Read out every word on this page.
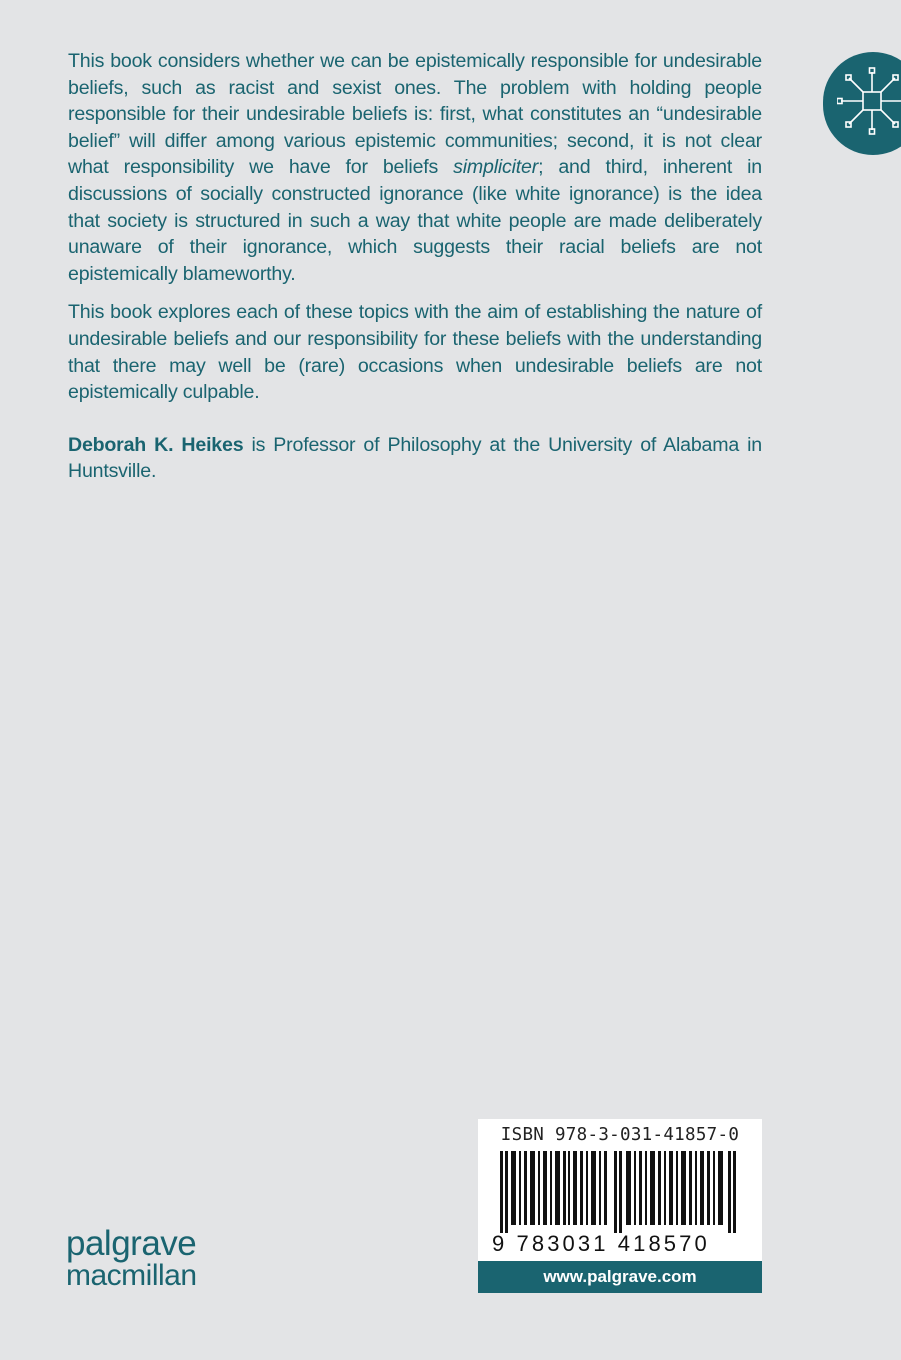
This book considers whether we can be epistemically responsible for undesirable beliefs, such as racist and sexist ones. The problem with holding people responsible for their undesirable beliefs is: first, what constitutes an “undesirable belief” will differ among various epistemic communities; second, it is not clear what responsibility we have for beliefs simpliciter; and third, inherent in discussions of socially constructed ignorance (like white ignorance) is the idea that society is structured in such a way that white people are made deliberately unaware of their ignorance, which suggests their racial beliefs are not epistemically blameworthy.

This book explores each of these topics with the aim of establishing the nature of undesirable beliefs and our responsibility for these beliefs with the understanding that there may well be (rare) occasions when undesirable beliefs are not epistemically culpable.

Deborah K. Heikes is Professor of Philosophy at the University of Alabama in Huntsville.

palgrave
macmillan
ISBN 978-3-031-41857-0
9 783031 418570
www.palgrave.com
